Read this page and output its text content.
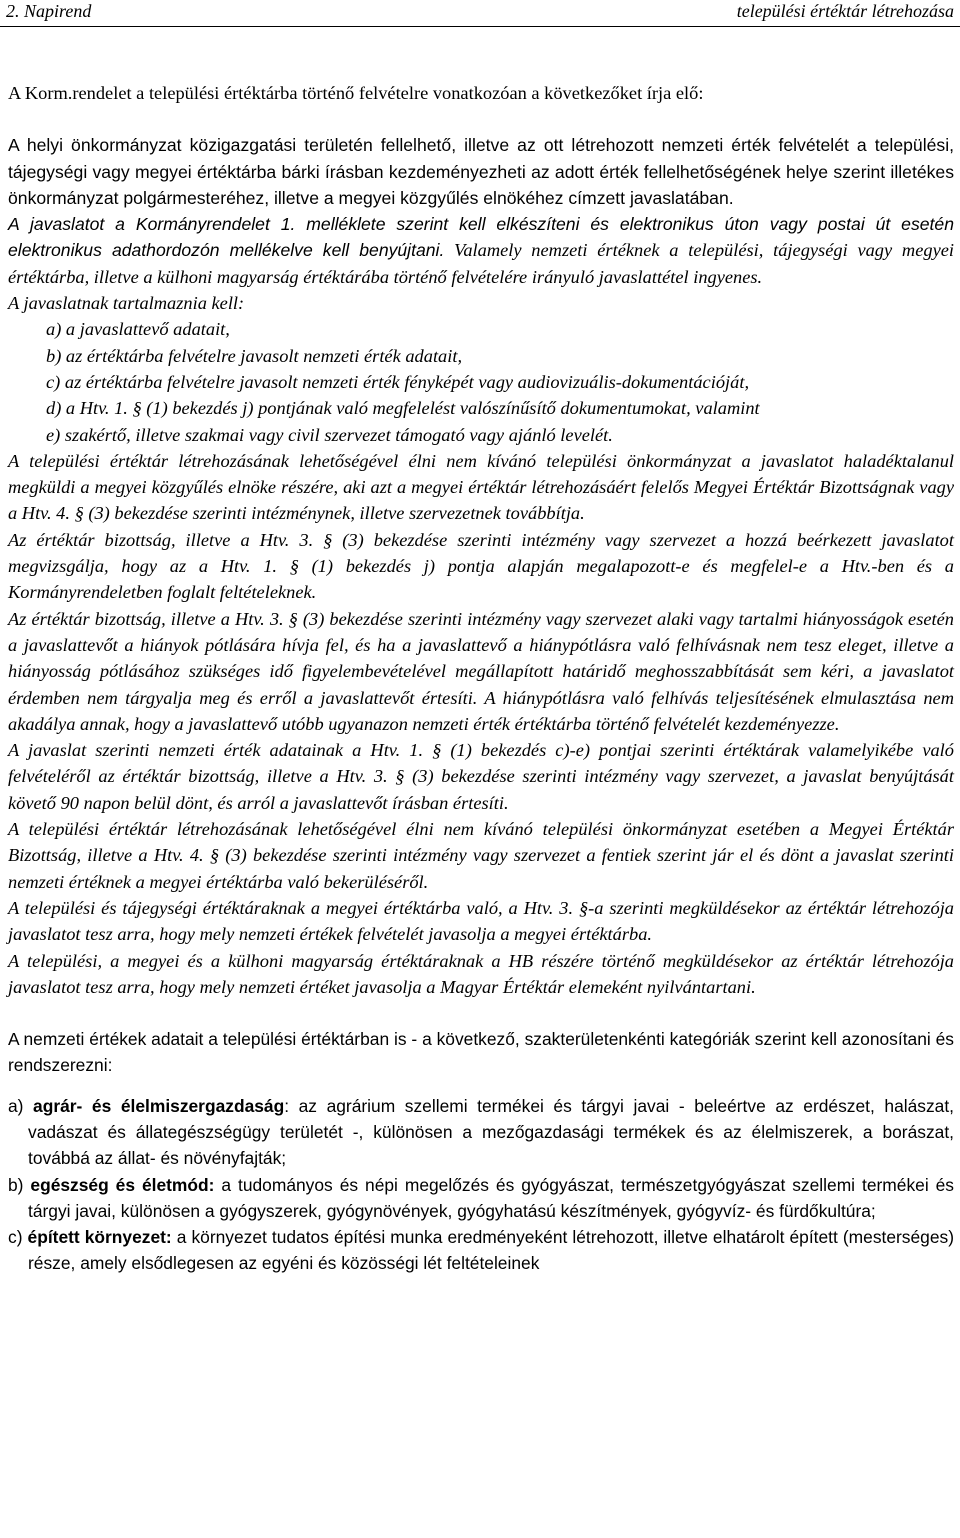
2. Napirend	települési értéktár létrehozása

A Korm.rendelet a települési értéktárba történő felvételre vonatkozóan a következőket írja elő:

A helyi önkormányzat közigazgatási területén fellelhető, illetve az ott létrehozott nemzeti érték felvételét a települési, tájegységi vagy megyei értéktárba bárki írásban kezdeményezheti az adott érték fellelhetőségének helye szerint illetékes önkormányzat polgármesteréhez, illetve a megyei közgyűlés elnökéhez címzett javaslatában.

A javaslatot a Kormányrendelet 1. melléklete szerint kell elkészíteni és elektronikus úton vagy postai út esetén elektronikus adathordozón mellékelve kell benyújtani. Valamely nemzeti értéknek a települési, tájegységi vagy megyei értéktárba, illetve a külhoni magyarság értéktárába történő felvételére irányuló javaslattétel ingyenes.

A javaslatnak tartalmaznia kell:

a) a javaslattevő adatait,

b) az értéktárba felvételre javasolt nemzeti érték adatait,

c) az értéktárba felvételre javasolt nemzeti érték fényképét vagy audiovizuális-dokumentációját,

d) a Htv. 1. § (1) bekezdés j) pontjának való megfelelést valószínűsítő dokumentumokat, valamint

e) szakértő, illetve szakmai vagy civil szervezet támogató vagy ajánló levelét.

A települési értéktár létrehozásának lehetőségével élni nem kívánó települési önkormányzat a javaslatot haladéktalanul megküldi a megyei közgyűlés elnöke részére, aki azt a megyei értéktár létrehozásáért felelős Megyei Értéktár Bizottságnak vagy a Htv. 4. § (3) bekezdése szerinti intézménynek, illetve szervezetnek továbbítja.

Az értéktár bizottság, illetve a Htv. 3. § (3) bekezdése szerinti intézmény vagy szervezet a hozzá beérkezett javaslatot megvizsgálja, hogy az a Htv. 1. § (1) bekezdés j) pontja alapján megalapozott-e és megfelel-e a Htv.-ben és a Kormányrendeletben foglalt feltételeknek.

Az értéktár bizottság, illetve a Htv. 3. § (3) bekezdése szerinti intézmény vagy szervezet alaki vagy tartalmi hiányosságok esetén a javaslattevőt a hiányok pótlására hívja fel, és ha a javaslattevő a hiánypótlásra való felhívásnak nem tesz eleget, illetve a hiányosság pótlásához szükséges idő figyelembevételével megállapított határidő meghosszabbítását sem kéri, a javaslatot érdemben nem tárgyalja meg és erről a javaslattevőt értesíti. A hiánypótlásra való felhívás teljesítésének elmulasztása nem akadálya annak, hogy a javaslattevő utóbb ugyanazon nemzeti érték értéktárba történő felvételét kezdeményezze.

A javaslat szerinti nemzeti érték adatainak a Htv. 1. § (1) bekezdés c)-e) pontjai szerinti értéktárak valamelyikébe való felvételéről az értéktár bizottság, illetve a Htv. 3. § (3) bekezdése szerinti intézmény vagy szervezet, a javaslat benyújtását követő 90 napon belül dönt, és arról a javaslattevőt írásban értesíti.

A települési értéktár létrehozásának lehetőségével élni nem kívánó települési önkormányzat esetében a Megyei Értéktár Bizottság, illetve a Htv. 4. § (3) bekezdése szerinti intézmény vagy szervezet a fentiek szerint jár el és dönt a javaslat szerinti nemzeti értéknek a megyei értéktárba való bekerüléséről.

A települési és tájegységi értéktáraknak a megyei értéktárba való, a Htv. 3. §-a szerinti megküldésekor az értéktár létrehozója javaslatot tesz arra, hogy mely nemzeti értékek felvételét javasolja a megyei értéktárba.

A települési, a megyei és a külhoni magyarság értéktáraknak a HB részére történő megküldésekor az értéktár létrehozója javaslatot tesz arra, hogy mely nemzeti értéket javasolja a Magyar Értéktár elemeként nyilvántartani.

A nemzeti értékek adatait a települési értéktárban is - a következő, szakterületenkénti kategóriák szerint kell azonosítani és rendszerezni:

a) agrár- és élelmiszergazdaság: az agrárium szellemi termékei és tárgyi javai - beleértve az erdészet, halászat, vadászat és állategészségügy területét -, különösen a mezőgazdasági termékek és az élelmiszerek, a borászat, továbbá az állat- és növényfajták;

b) egészség és életmód: a tudományos és népi megelőzés és gyógyászat, természetgyógyászat szellemi termékei és tárgyi javai, különösen a gyógyszerek, gyógynövények, gyógyhatású készítmények, gyógyvíz- és fürdőkultúra;

c) épített környezet: a környezet tudatos építési munka eredményeként létrehozott, illetve elhatárolt épített (mesterséges) része, amely elsődlegesen az egyéni és közösségi lét feltételeinek
